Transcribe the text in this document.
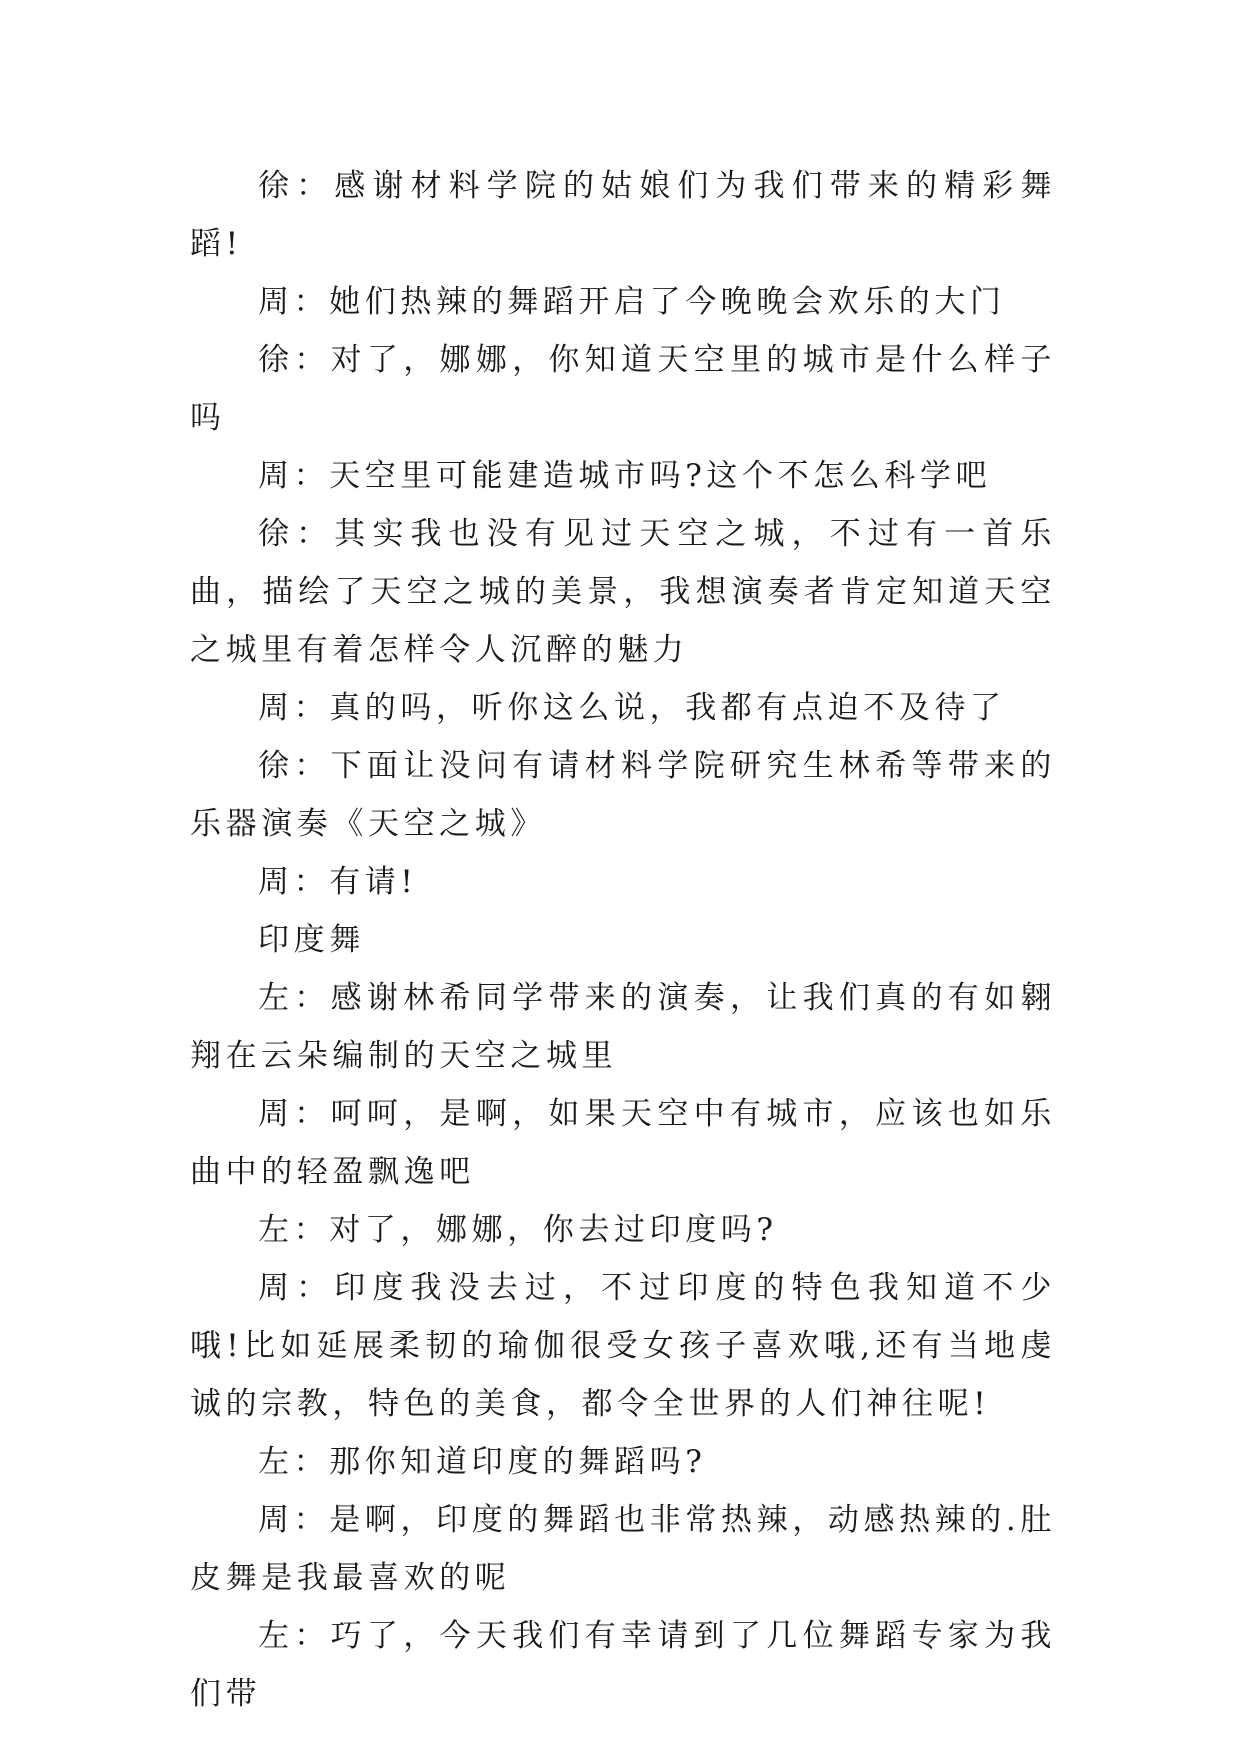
徐：感谢材料学院的姑娘们为我们带来的精彩舞蹈!

周：她们热辣的舞蹈开启了今晚晚会欢乐的大门

徐：对了，娜娜，你知道天空里的城市是什么样子吗

周：天空里可能建造城市吗?这个不怎么科学吧

徐：其实我也没有见过天空之城，不过有一首乐曲，描绘了天空之城的美景，我想演奏者肯定知道天空之城里有着怎样令人沉醉的魅力

周：真的吗，听你这么说，我都有点迫不及待了

徐：下面让没问有请材料学院研究生林希等带来的乐器演奏《天空之城》

周：有请!

印度舞

左：感谢林希同学带来的演奏，让我们真的有如翱翔在云朵编制的天空之城里

周：呵呵，是啊，如果天空中有城市，应该也如乐曲中的轻盈飘逸吧

左：对了，娜娜，你去过印度吗?

周：印度我没去过，不过印度的特色我知道不少哦!比如延展柔韧的瑜伽很受女孩子喜欢哦,还有当地虔诚的宗教，特色的美食，都令全世界的人们神往呢!

左：那你知道印度的舞蹈吗?

周：是啊，印度的舞蹈也非常热辣，动感热辣的.肚皮舞是我最喜欢的呢

左：巧了，今天我们有幸请到了几位舞蹈专家为我们带
